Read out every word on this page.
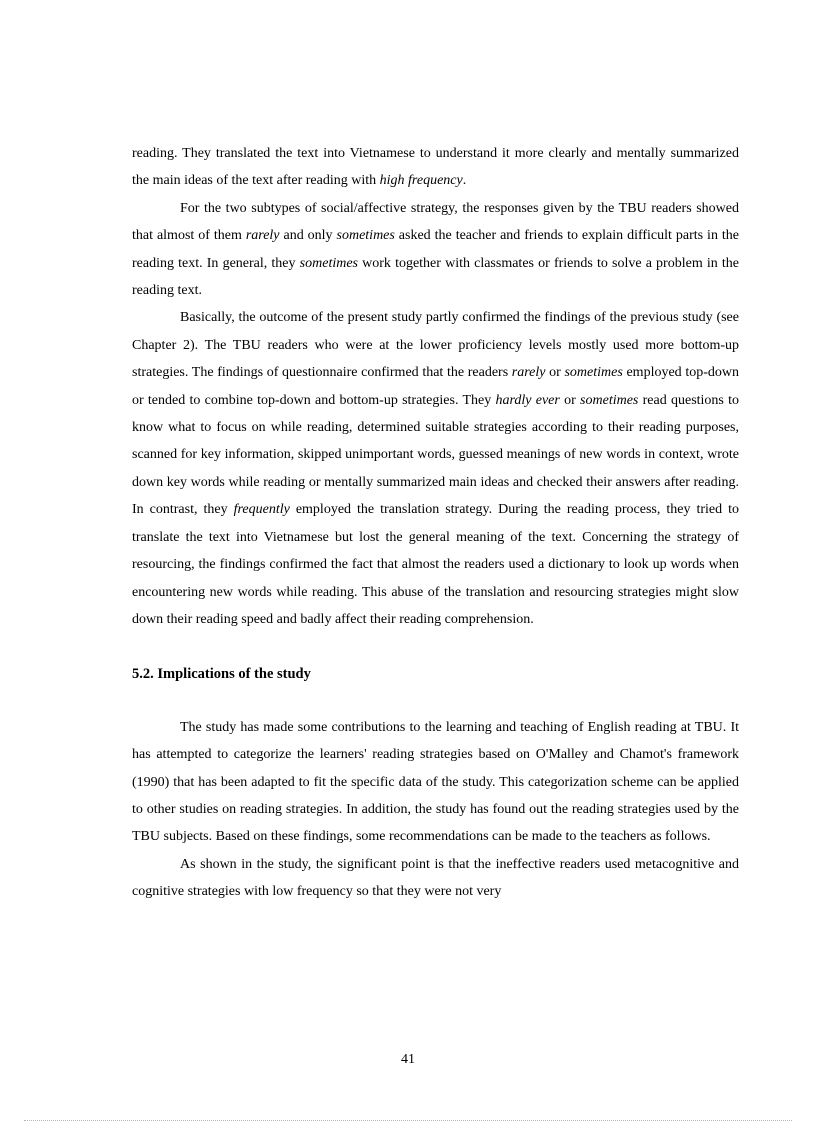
reading. They translated the text into Vietnamese to understand it more clearly and mentally summarized the main ideas of the text after reading with high frequency.

For the two subtypes of social/affective strategy, the responses given by the TBU readers showed that almost of them rarely and only sometimes asked the teacher and friends to explain difficult parts in the reading text. In general, they sometimes work together with classmates or friends to solve a problem in the reading text.

Basically, the outcome of the present study partly confirmed the findings of the previous study (see Chapter 2). The TBU readers who were at the lower proficiency levels mostly used more bottom-up strategies. The findings of questionnaire confirmed that the readers rarely or sometimes employed top-down or tended to combine top-down and bottom-up strategies. They hardly ever or sometimes read questions to know what to focus on while reading, determined suitable strategies according to their reading purposes, scanned for key information, skipped unimportant words, guessed meanings of new words in context, wrote down key words while reading or mentally summarized main ideas and checked their answers after reading. In contrast, they frequently employed the translation strategy. During the reading process, they tried to translate the text into Vietnamese but lost the general meaning of the text. Concerning the strategy of resourcing, the findings confirmed the fact that almost the readers used a dictionary to look up words when encountering new words while reading. This abuse of the translation and resourcing strategies might slow down their reading speed and badly affect their reading comprehension.

5.2. Implications of the study

The study has made some contributions to the learning and teaching of English reading at TBU. It has attempted to categorize the learners' reading strategies based on O'Malley and Chamot's framework (1990) that has been adapted to fit the specific data of the study. This categorization scheme can be applied to other studies on reading strategies. In addition, the study has found out the reading strategies used by the TBU subjects. Based on these findings, some recommendations can be made to the teachers as follows.

As shown in the study, the significant point is that the ineffective readers used metacognitive and cognitive strategies with low frequency so that they were not very

41
